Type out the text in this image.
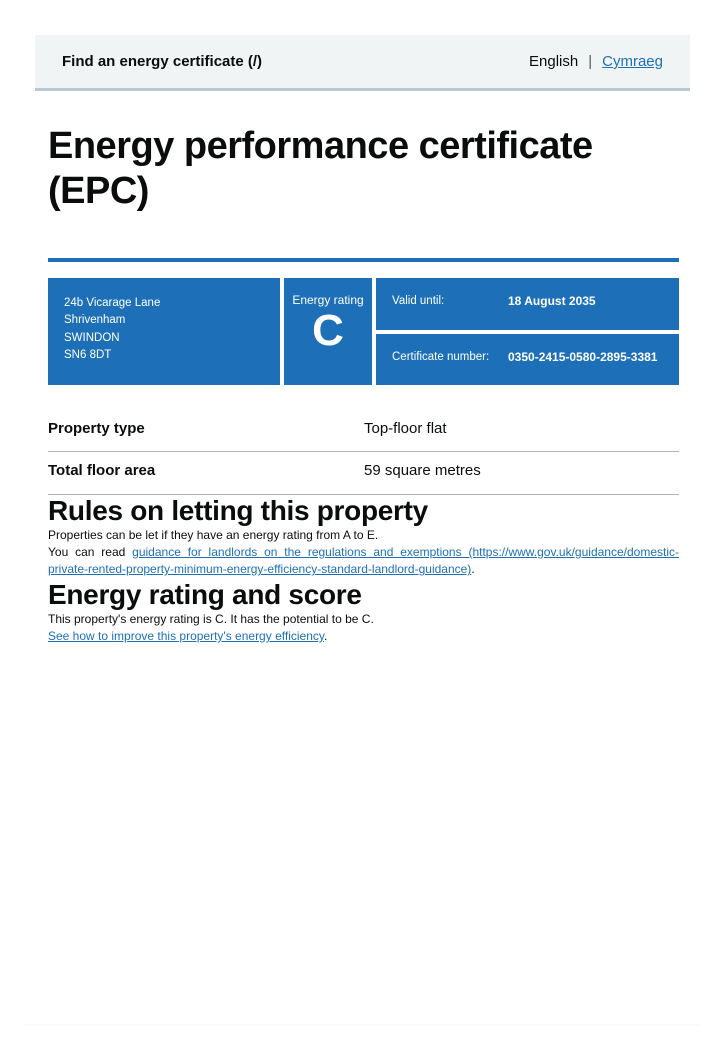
Find an energy certificate (/)	English | Cymraeg
Energy performance certificate (EPC)
24b Vicarage Lane
Shrivenham
SWINDON
SN6 8DT
Energy rating
C
Valid until:	18 August 2035
Certificate number:	0350-2415-0580-2895-3381
Property type	Top-floor flat
Total floor area	59 square metres
Rules on letting this property

Properties can be let if they have an energy rating from A to E.

You can read guidance for landlords on the regulations and exemptions (https://www.gov.uk/guidance/domestic-private-rented-property-minimum-energy-efficiency-standard-landlord-guidance).

Energy rating and score

This property's energy rating is C. It has the potential to be C.

See how to improve this property's energy efficiency.
